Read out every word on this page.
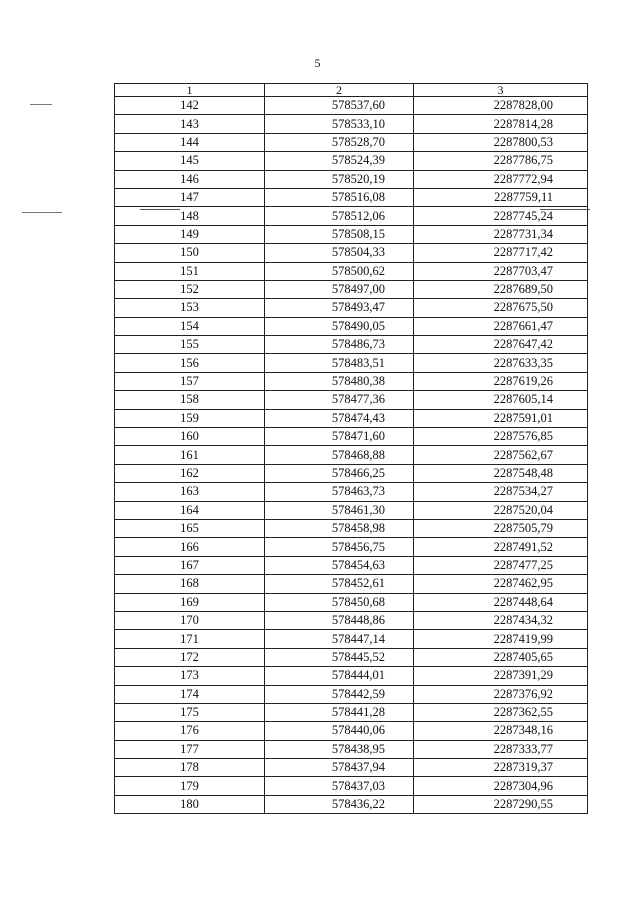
5
1	2	3
142	578537,60	2287828,00
143	578533,10	2287814,28
144	578528,70	2287800,53
145	578524,39	2287786,75
146	578520,19	2287772,94
147	578516,08	2287759,11
148	578512,06	2287745,24
149	578508,15	2287731,34
150	578504,33	2287717,42
151	578500,62	2287703,47
152	578497,00	2287689,50
153	578493,47	2287675,50
154	578490,05	2287661,47
155	578486,73	2287647,42
156	578483,51	2287633,35
157	578480,38	2287619,26
158	578477,36	2287605,14
159	578474,43	2287591,01
160	578471,60	2287576,85
161	578468,88	2287562,67
162	578466,25	2287548,48
163	578463,73	2287534,27
164	578461,30	2287520,04
165	578458,98	2287505,79
166	578456,75	2287491,52
167	578454,63	2287477,25
168	578452,61	2287462,95
169	578450,68	2287448,64
170	578448,86	2287434,32
171	578447,14	2287419,99
172	578445,52	2287405,65
173	578444,01	2287391,29
174	578442,59	2287376,92
175	578441,28	2287362,55
176	578440,06	2287348,16
177	578438,95	2287333,77
178	578437,94	2287319,37
179	578437,03	2287304,96
180	578436,22	2287290,55
